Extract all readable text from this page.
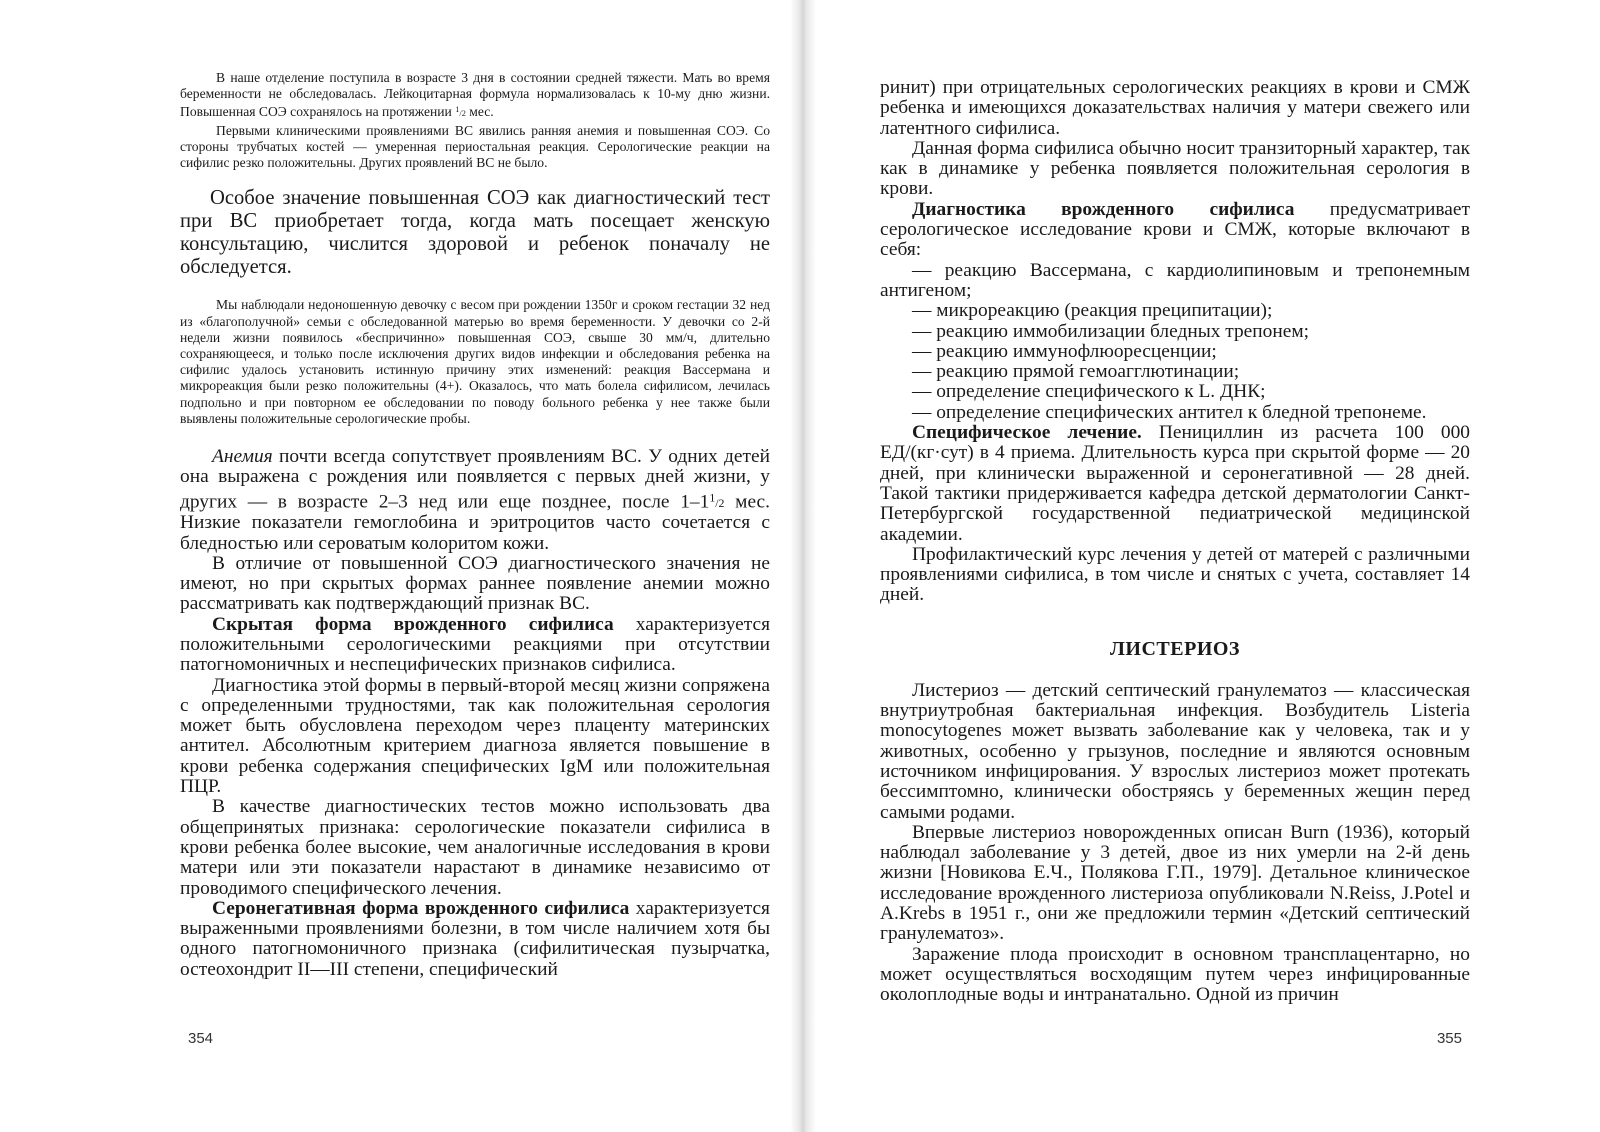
В наше отделение поступила в возрасте 3 дня в состоянии средней тяжести. Мать во время беременности не обследовалась. Лейкоцитарная формула нормализовалась к 10-му дню жизни. Повышенная СОЭ сохранялось на протяжении 1/2 мес.

Первыми клиническими проявлениями ВС явились ранняя анемия и повышенная СОЭ. Со стороны трубчатых костей — умеренная периостальная реакция. Серологические реакции на сифилис резко положительны. Других проявлений ВС не было.

Особое значение повышенная СОЭ как диагностический тест при ВС приобретает тогда, когда мать посещает женскую консультацию, числится здоровой и ребенок поначалу не обследуется.

Мы наблюдали недоношенную девочку с весом при рождении 1350г и сроком гестации 32 нед из «благополучной» семьи с обследованной матерью во время беременности. У девочки со 2-й недели жизни появилось «беспричинно» повышенная СОЭ, свыше 30 мм/ч, длительно сохраняющееся, и только после исключения других видов инфекции и обследования ребенка на сифилис удалось установить истинную причину этих изменений: реакция Вассермана и микрореакция были резко положительны (4+). Оказалось, что мать болела сифилисом, лечилась подпольно и при повторном ее обследовании по поводу больного ребенка у нее также были выявлены положительные серологические пробы.

Анемия почти всегда сопутствует проявлениям ВС. У одних детей она выражена с рождения или появляется с первых дней жизни, у других — в возрасте 2–3 нед или еще позднее, после 1–11/2 мес. Низкие показатели гемоглобина и эритроцитов часто сочетается с бледностью или сероватым колоритом кожи.

В отличие от повышенной СОЭ диагностического значения не имеют, но при скрытых формах раннее появление анемии можно рассматривать как подтверждающий признак ВС.

Скрытая форма врожденного сифилиса характеризуется положительными серологическими реакциями при отсутствии патогномоничных и неспецифических признаков сифилиса.

Диагностика этой формы в первый-второй месяц жизни сопряжена с определенными трудностями, так как положительная серология может быть обусловлена переходом через плаценту материнских антител. Абсолютным критерием диагноза является повышение в крови ребенка содержания специфических IgM или положительная ПЦР.

В качестве диагностических тестов можно использовать два общепринятых признака: серологические показатели сифилиса в крови ребенка более высокие, чем аналогичные исследования в крови матери или эти показатели нарастают в динамике независимо от проводимого специфического лечения.

Серонегативная форма врожденного сифилиса характеризуется выраженными проявлениями болезни, в том числе наличием хотя бы одного патогномоничного признака (сифилитическая пузырчатка, остеохондрит II—III степени, специфический

354

ринит) при отрицательных серологических реакциях в крови и СМЖ ребенка и имеющихся доказательствах наличия у матери свежего или латентного сифилиса.

Данная форма сифилиса обычно носит транзиторный характер, так как в динамике у ребенка появляется положительная серология в крови.

Диагностика врожденного сифилиса предусматривает серологическое исследование крови и СМЖ, которые включают в себя:

— реакцию Вассермана, с кардиолипиновым и трепонемным антигеном;

— микрореакцию (реакция преципитации);

— реакцию иммобилизации бледных трепонем;

— реакцию иммунофлюоресценции;

— реакцию прямой гемоагглютинации;

— определение специфического к L. ДНК;

— определение специфических антител к бледной трепонеме.

Специфическое лечение. Пенициллин из расчета 100 000 ЕД/(кг·сут) в 4 приема. Длительность курса при скрытой форме — 20 дней, при клинически выраженной и серонегативной — 28 дней. Такой тактики придерживается кафедра детской дерматологии Санкт-Петербургской государственной педиатрической медицинской академии.

Профилактический курс лечения у детей от матерей с различными проявлениями сифилиса, в том числе и снятых с учета, составляет 14 дней.

ЛИСТЕРИОЗ

Листериоз — детский септический гранулематоз — классическая внутриутробная бактериальная инфекция. Возбудитель Listeria monocytogenes может вызвать заболевание как у человека, так и у животных, особенно у грызунов, последние и являются основным источником инфицирования. У взрослых листериоз может протекать бессимптомно, клинически обостряясь у беременных жещин перед самыми родами.

Впервые листериоз новорожденных описан Burn (1936), который наблюдал заболевание у 3 детей, двое из них умерли на 2-й день жизни [Новикова Е.Ч., Полякова Г.П., 1979]. Детальное клиническое исследование врожденного листериоза опубликовали N.Reiss, J.Potel и A.Krebs в 1951 г., они же предложили термин «Детский септический гранулематоз».

Заражение плода происходит в основном трансплацентарно, но может осуществляться восходящим путем через инфицированные околоплодные воды и интранатально. Одной из причин

355
